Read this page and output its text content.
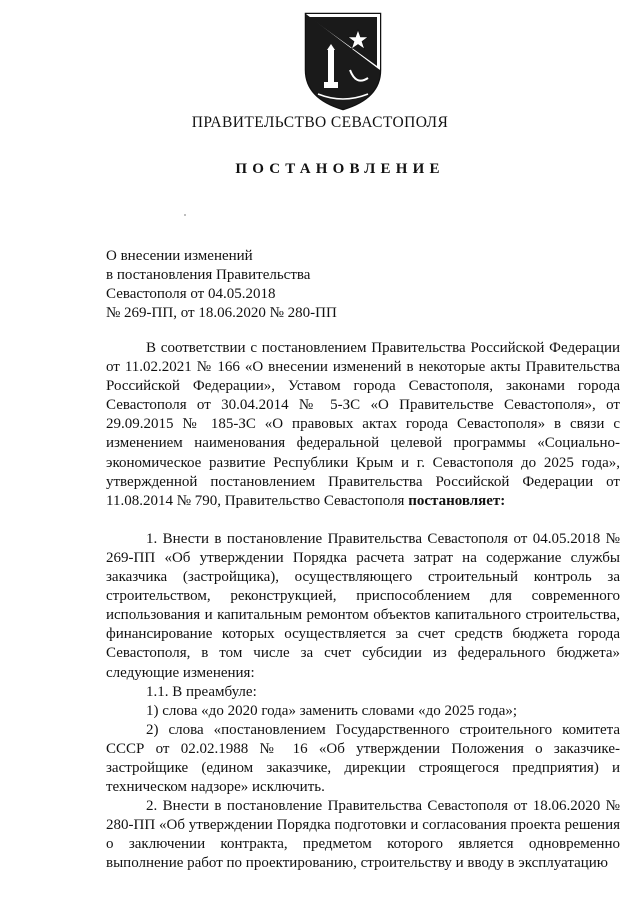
ПРАВИТЕЛЬСТВО СЕВАСТОПОЛЯ
ПОСТАНОВЛЕНИЕ
О внесении изменений
в постановления Правительства
Севастополя от 04.05.2018
№ 269-ПП, от 18.06.2020 № 280-ПП

В соответствии с постановлением Правительства Российской Федерации от 11.02.2021 № 166 «О внесении изменений в некоторые акты Правительства Российской Федерации», Уставом города Севастополя, законами города Севастополя от 30.04.2014 № 5-ЗС «О Правительстве Севастополя», от 29.09.2015 № 185-ЗС «О правовых актах города Севастополя» в связи с изменением наименования федеральной целевой программы «Социально-экономическое развитие Республики Крым и г. Севастополя до 2025 года», утвержденной постановлением Правительства Российской Федерации от 11.08.2014 № 790, Правительство Севастополя постановляет:

1. Внести в постановление Правительства Севастополя от 04.05.2018 № 269-ПП «Об утверждении Порядка расчета затрат на содержание службы заказчика (застройщика), осуществляющего строительный контроль за строительством, реконструкцией, приспособлением для современного использования и капитальным ремонтом объектов капитального строительства, финансирование которых осуществляется за счет средств бюджета города Севастополя, в том числе за счет субсидии из федерального бюджета» следующие изменения:

1.1. В преамбуле:

1) слова «до 2020 года» заменить словами «до 2025 года»;

2) слова «постановлением Государственного строительного комитета СССР от 02.02.1988 № 16 «Об утверждении Положения о заказчике-застройщике (едином заказчике, дирекции строящегося предприятия) и техническом надзоре» исключить.

2. Внести в постановление Правительства Севастополя от 18.06.2020 № 280-ПП «Об утверждении Порядка подготовки и согласования проекта решения о заключении контракта, предметом которого является одновременно выполнение работ по проектированию, строительству и вводу в эксплуатацию
